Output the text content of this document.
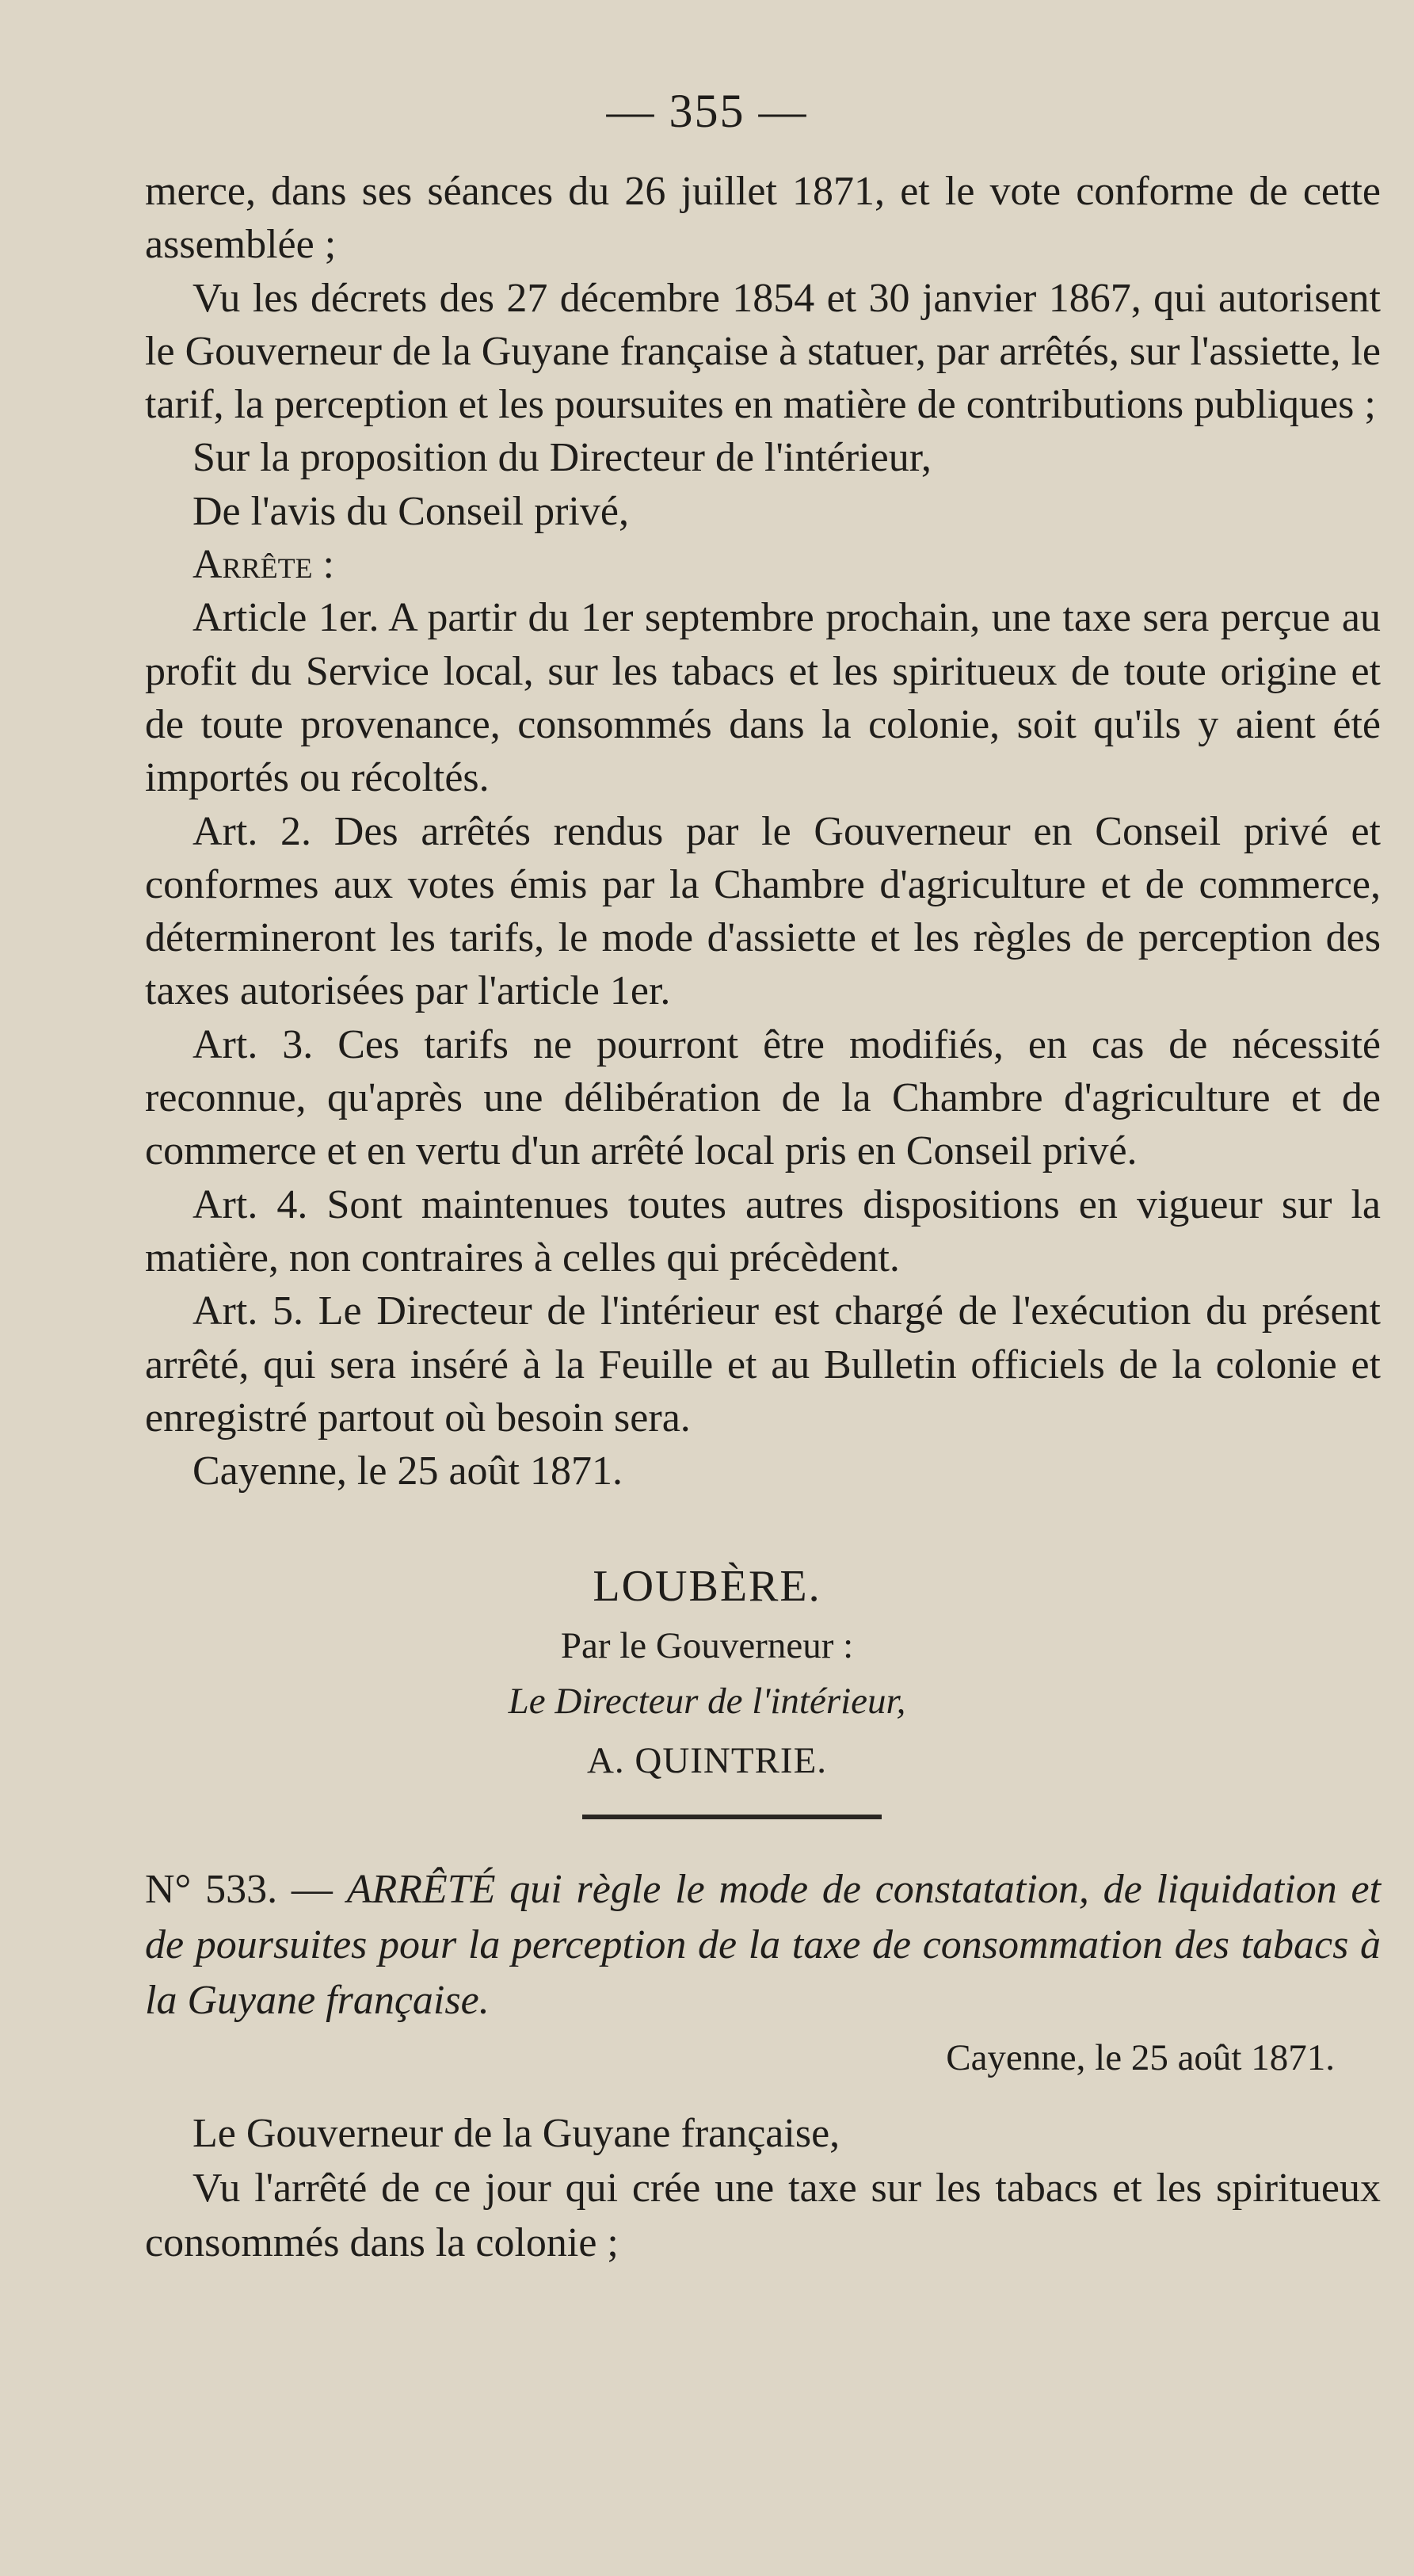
— 355 —

merce, dans ses séances du 26 juillet 1871, et le vote conforme de cette assemblée ;

Vu les décrets des 27 décembre 1854 et 30 janvier 1867, qui autorisent le Gouverneur de la Guyane française à statuer, par arrêtés, sur l'assiette, le tarif, la perception et les poursuites en matière de contributions publiques ;

Sur la proposition du Directeur de l'intérieur,

De l'avis du Conseil privé,

Arrête :

Article 1er. A partir du 1er septembre prochain, une taxe sera perçue au profit du Service local, sur les tabacs et les spiritueux de toute origine et de toute provenance, consommés dans la colonie, soit qu'ils y aient été importés ou récoltés.

Art. 2. Des arrêtés rendus par le Gouverneur en Conseil privé et conformes aux votes émis par la Chambre d'agriculture et de commerce, détermineront les tarifs, le mode d'assiette et les règles de perception des taxes autorisées par l'article 1er.

Art. 3. Ces tarifs ne pourront être modifiés, en cas de nécessité reconnue, qu'après une délibération de la Chambre d'agriculture et de commerce et en vertu d'un arrêté local pris en Conseil privé.

Art. 4. Sont maintenues toutes autres dispositions en vigueur sur la matière, non contraires à celles qui précèdent.

Art. 5. Le Directeur de l'intérieur est chargé de l'exécution du présent arrêté, qui sera inséré à la Feuille et au Bulletin officiels de la colonie et enregistré partout où besoin sera.

Cayenne, le 25 août 1871.

LOUBÈRE.
Par le Gouverneur :
Le Directeur de l'intérieur,
A. QUINTRIE.
N° 533. — ARRÊTÉ qui règle le mode de constatation, de liquidation et de poursuites pour la perception de la taxe de consommation des tabacs à la Guyane française.
Cayenne, le 25 août 1871.

Le Gouverneur de la Guyane française,

Vu l'arrêté de ce jour qui crée une taxe sur les tabacs et les spiritueux consommés dans la colonie ;
